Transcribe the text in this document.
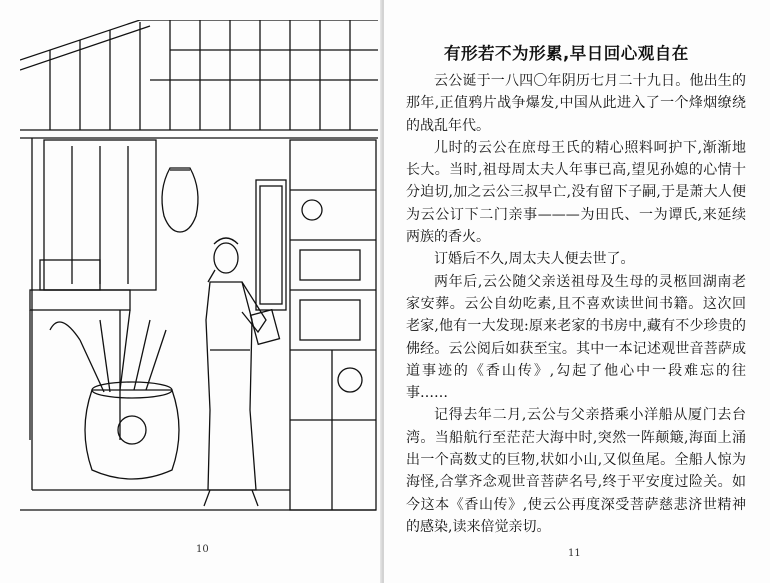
10
有形若不为形累,早日回心观自在

云公诞于一八四〇年阴历七月二十九日。他出生的那年,正值鸦片战争爆发,中国从此进入了一个烽烟缭绕的战乱年代。

儿时的云公在庶母王氏的精心照料呵护下,渐渐地长大。当时,祖母周太夫人年事已高,望见孙媳的心情十分迫切,加之云公三叔早亡,没有留下子嗣,于是萧大人便为云公订下二门亲事———为田氏、一为谭氏,来延续两族的香火。

订婚后不久,周太夫人便去世了。

两年后,云公随父亲送祖母及生母的灵柩回湖南老家安葬。云公自幼吃素,且不喜欢读世间书籍。这次回老家,他有一大发现:原来老家的书房中,藏有不少珍贵的佛经。云公阅后如获至宝。其中一本记述观世音菩萨成道事迹的《香山传》,勾起了他心中一段难忘的往事……

记得去年二月,云公与父亲搭乘小洋船从厦门去台湾。当船航行至茫茫大海中时,突然一阵颠簸,海面上涌出一个高数丈的巨物,状如小山,又似鱼尾。全船人惊为海怪,合掌齐念观世音菩萨名号,终于平安度过险关。如今这本《香山传》,使云公再度深受菩萨慈悲济世精神的感染,读来倍觉亲切。

11
